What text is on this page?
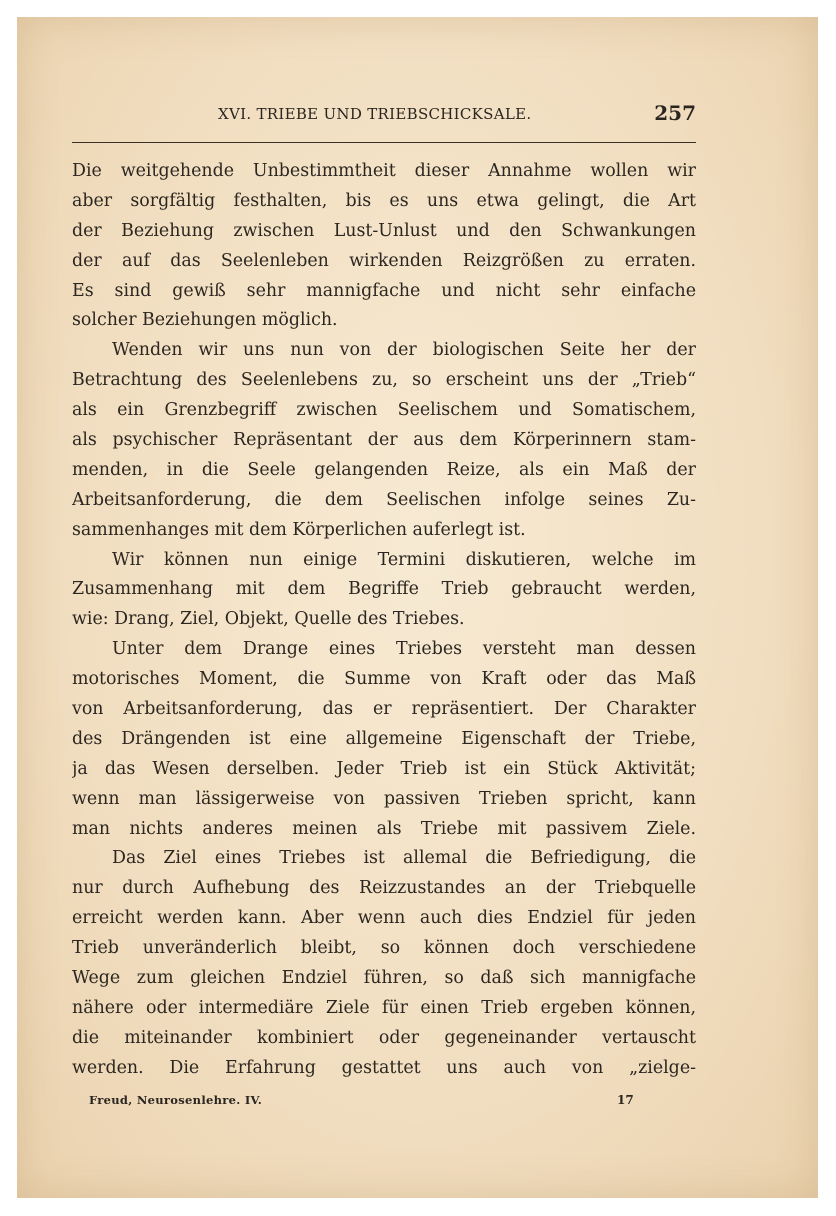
XVI. TRIEBE UND TRIEBSCHICKSALE.	257
Die weitgehende Unbestimmtheit dieser Annahme wollen wir
aber sorgfältig festhalten, bis es uns etwa gelingt, die Art
der Beziehung zwischen Lust-Unlust und den Schwankungen
der auf das Seelenleben wirkenden Reizgrößen zu erraten.
Es sind gewiß sehr mannigfache und nicht sehr einfache
solcher Beziehungen möglich.
Wenden wir uns nun von der biologischen Seite her der
Betrachtung des Seelenlebens zu, so erscheint uns der „Trieb“
als ein Grenzbegriff zwischen Seelischem und Somatischem,
als psychischer Repräsentant der aus dem Körperinnern stam-
menden, in die Seele gelangenden Reize, als ein Maß der
Arbeitsanforderung, die dem Seelischen infolge seines Zu-
sammenhanges mit dem Körperlichen auferlegt ist.
Wir können nun einige Termini diskutieren, welche im
Zusammenhang mit dem Begriffe Trieb gebraucht werden,
wie: Drang, Ziel, Objekt, Quelle des Triebes.
Unter dem Drange eines Triebes versteht man dessen
motorisches Moment, die Summe von Kraft oder das Maß
von Arbeitsanforderung, das er repräsentiert. Der Charakter
des Drängenden ist eine allgemeine Eigenschaft der Triebe,
ja das Wesen derselben. Jeder Trieb ist ein Stück Aktivität;
wenn man lässigerweise von passiven Trieben spricht, kann
man nichts anderes meinen als Triebe mit passivem Ziele.
Das Ziel eines Triebes ist allemal die Befriedigung, die
nur durch Aufhebung des Reizzustandes an der Triebquelle
erreicht werden kann. Aber wenn auch dies Endziel für jeden
Trieb unveränderlich bleibt, so können doch verschiedene
Wege zum gleichen Endziel führen, so daß sich mannigfache
nähere oder intermediäre Ziele für einen Trieb ergeben können,
die miteinander kombiniert oder gegeneinander vertauscht
werden. Die Erfahrung gestattet uns auch von „zielge-
Freud, Neurosenlehre. IV.	17
